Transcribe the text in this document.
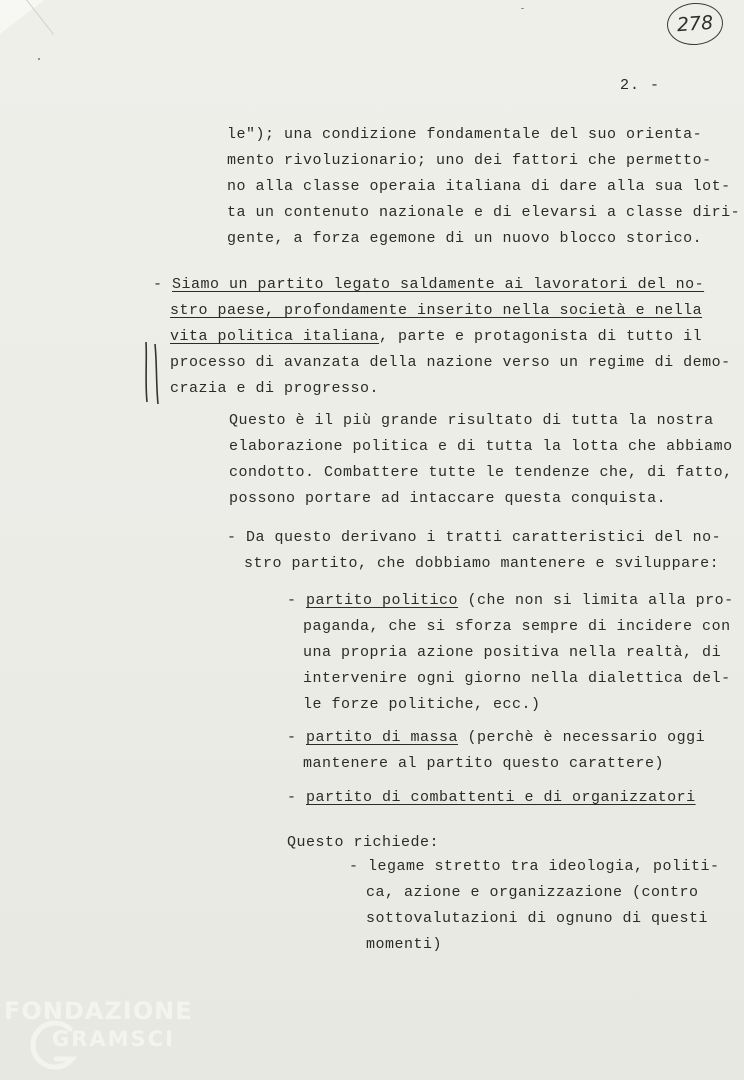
278
2. -
le"); una condizione fondamentale del suo orienta-
mento rivoluzionario; uno dei fattori che permetto-
no alla classe operaia italiana di dare alla sua lot-
ta un contenuto nazionale e di elevarsi a classe diri-
gente, a forza egemone di un nuovo blocco storico.
- Siamo un partito legato saldamente ai lavoratori del no-
stro paese, profondamente inserito nella società e nella
vita politica italiana, parte e protagonista di tutto il
processo di avanzata della nazione verso un regime di demo-
crazia e di progresso.
Questo è il più grande risultato di tutta la nostra
elaborazione politica e di tutta la lotta che abbiamo
condotto. Combattere tutte le tendenze che, di fatto,
possono portare ad intaccare questa conquista.
- Da questo derivano i tratti caratteristici del no-
stro partito, che dobbiamo mantenere e sviluppare:
- partito politico (che non si limita alla pro-
paganda, che si sforza sempre di incidere con
una propria azione positiva nella realtà, di
intervenire ogni giorno nella dialettica del-
le forze politiche, ecc.)
- partito di massa (perchè è necessario oggi
mantenere al partito questo carattere)
- partito di combattenti e di organizzatori
Questo richiede:
- legame stretto tra ideologia, politi-
ca, azione e organizzazione (contro
sottovalutazioni di ognuno di questi
momenti)
FONDAZIONE
GRAMSCI
